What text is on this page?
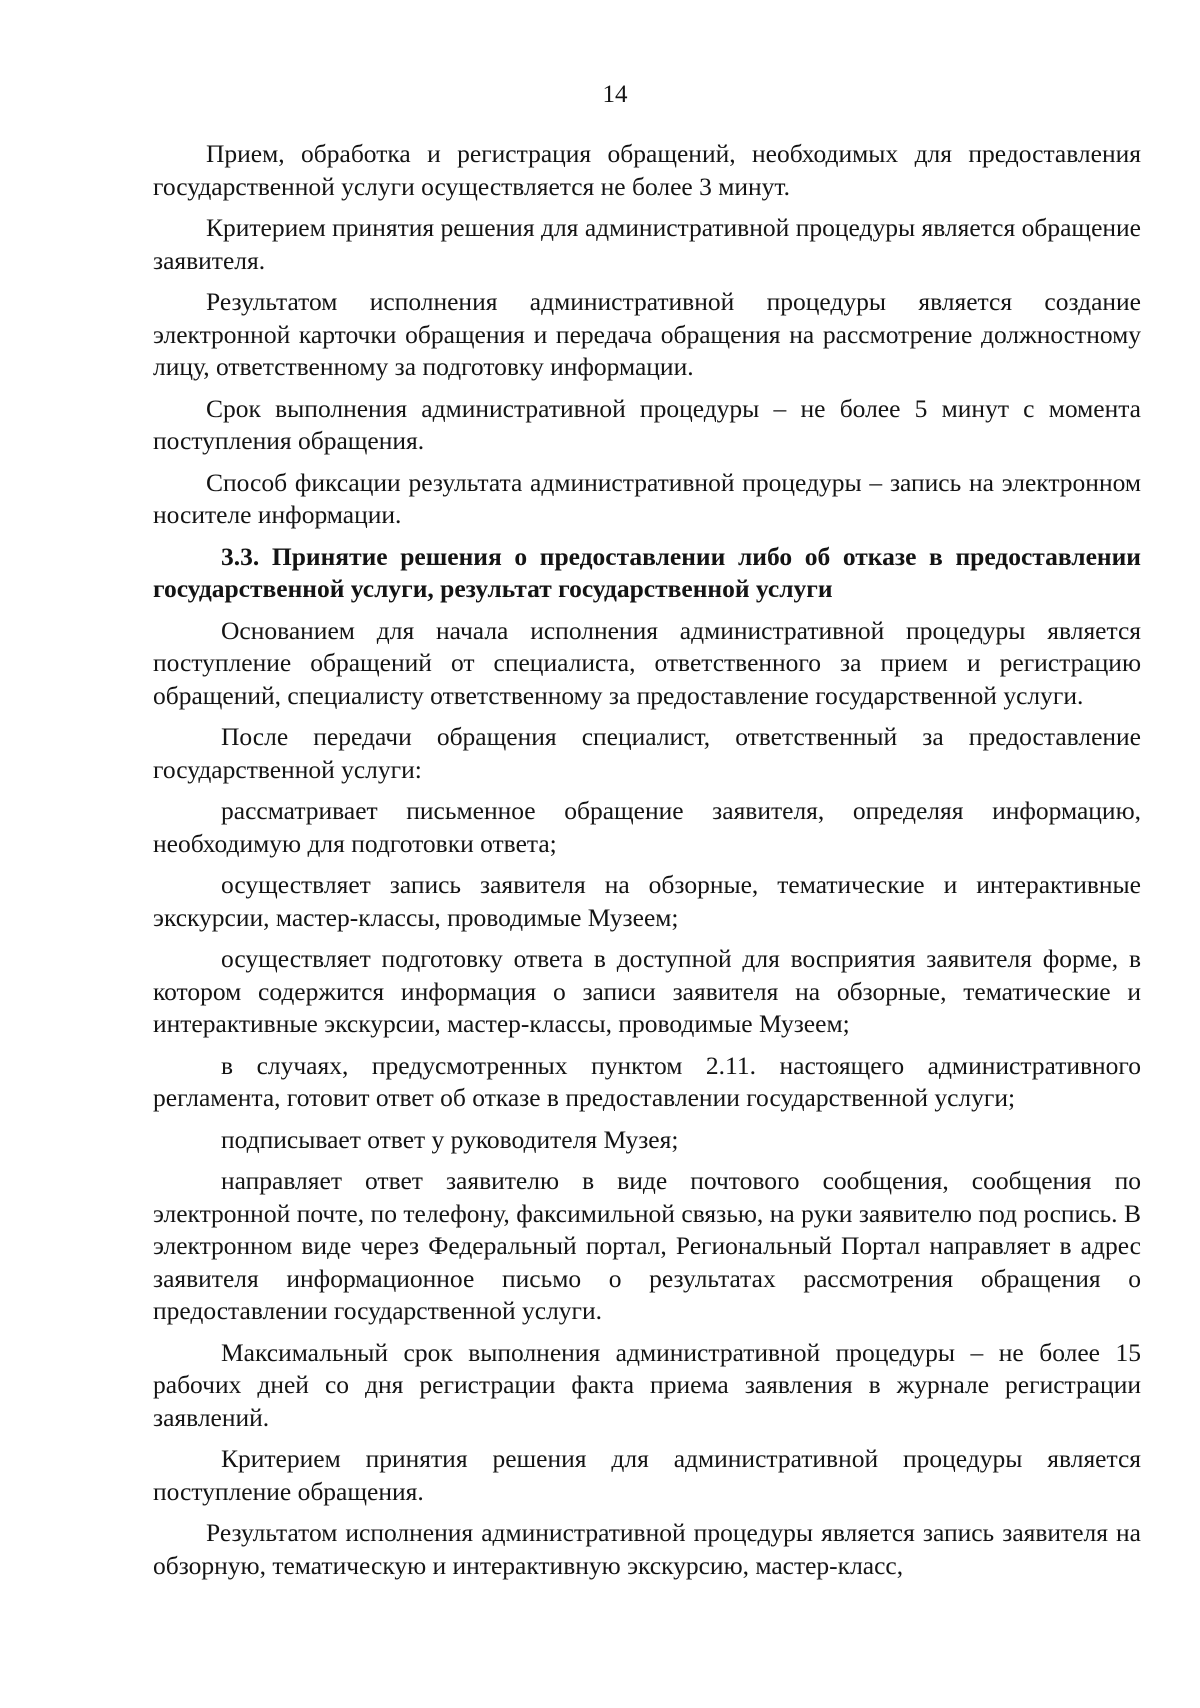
14

Прием, обработка и регистрация обращений, необходимых для предоставления государственной услуги осуществляется не более 3 минут.

Критерием принятия решения для административной процедуры является обращение заявителя.

Результатом исполнения административной процедуры является создание электронной карточки обращения и передача обращения на рассмотрение должностному лицу, ответственному за подготовку информации.

Срок выполнения административной процедуры – не более 5 минут с момента поступления обращения.

Способ фиксации результата административной процедуры – запись на электронном носителе информации.

3.3. Принятие решения о предоставлении либо об отказе в предоставлении государственной услуги, результат государственной услуги

Основанием для начала исполнения административной процедуры является поступление обращений от специалиста, ответственного за прием и регистрацию обращений, специалисту ответственному за предоставление государственной услуги.

После передачи обращения специалист, ответственный за предоставление государственной услуги:

рассматривает письменное обращение заявителя, определяя информацию, необходимую для подготовки ответа;

осуществляет запись заявителя на обзорные, тематические и интерактивные экскурсии, мастер-классы, проводимые Музеем;

осуществляет подготовку ответа в доступной для восприятия заявителя форме, в котором содержится информация о записи заявителя на обзорные, тематические и интерактивные экскурсии, мастер-классы, проводимые Музеем;

в случаях, предусмотренных пунктом 2.11. настоящего административного регламента, готовит ответ об отказе в предоставлении государственной услуги;

подписывает ответ у руководителя Музея;

направляет ответ заявителю в виде почтового сообщения, сообщения по электронной почте, по телефону, факсимильной связью, на руки заявителю под роспись. В электронном виде через Федеральный портал, Региональный Портал направляет в адрес заявителя информационное письмо о результатах рассмотрения обращения о предоставлении государственной услуги.

Максимальный срок выполнения административной процедуры – не более 15 рабочих дней со дня регистрации факта приема заявления в журнале регистрации заявлений.

Критерием принятия решения для административной процедуры является поступление обращения.

Результатом исполнения административной процедуры является запись заявителя на обзорную, тематическую и интерактивную экскурсию, мастер-класс,
